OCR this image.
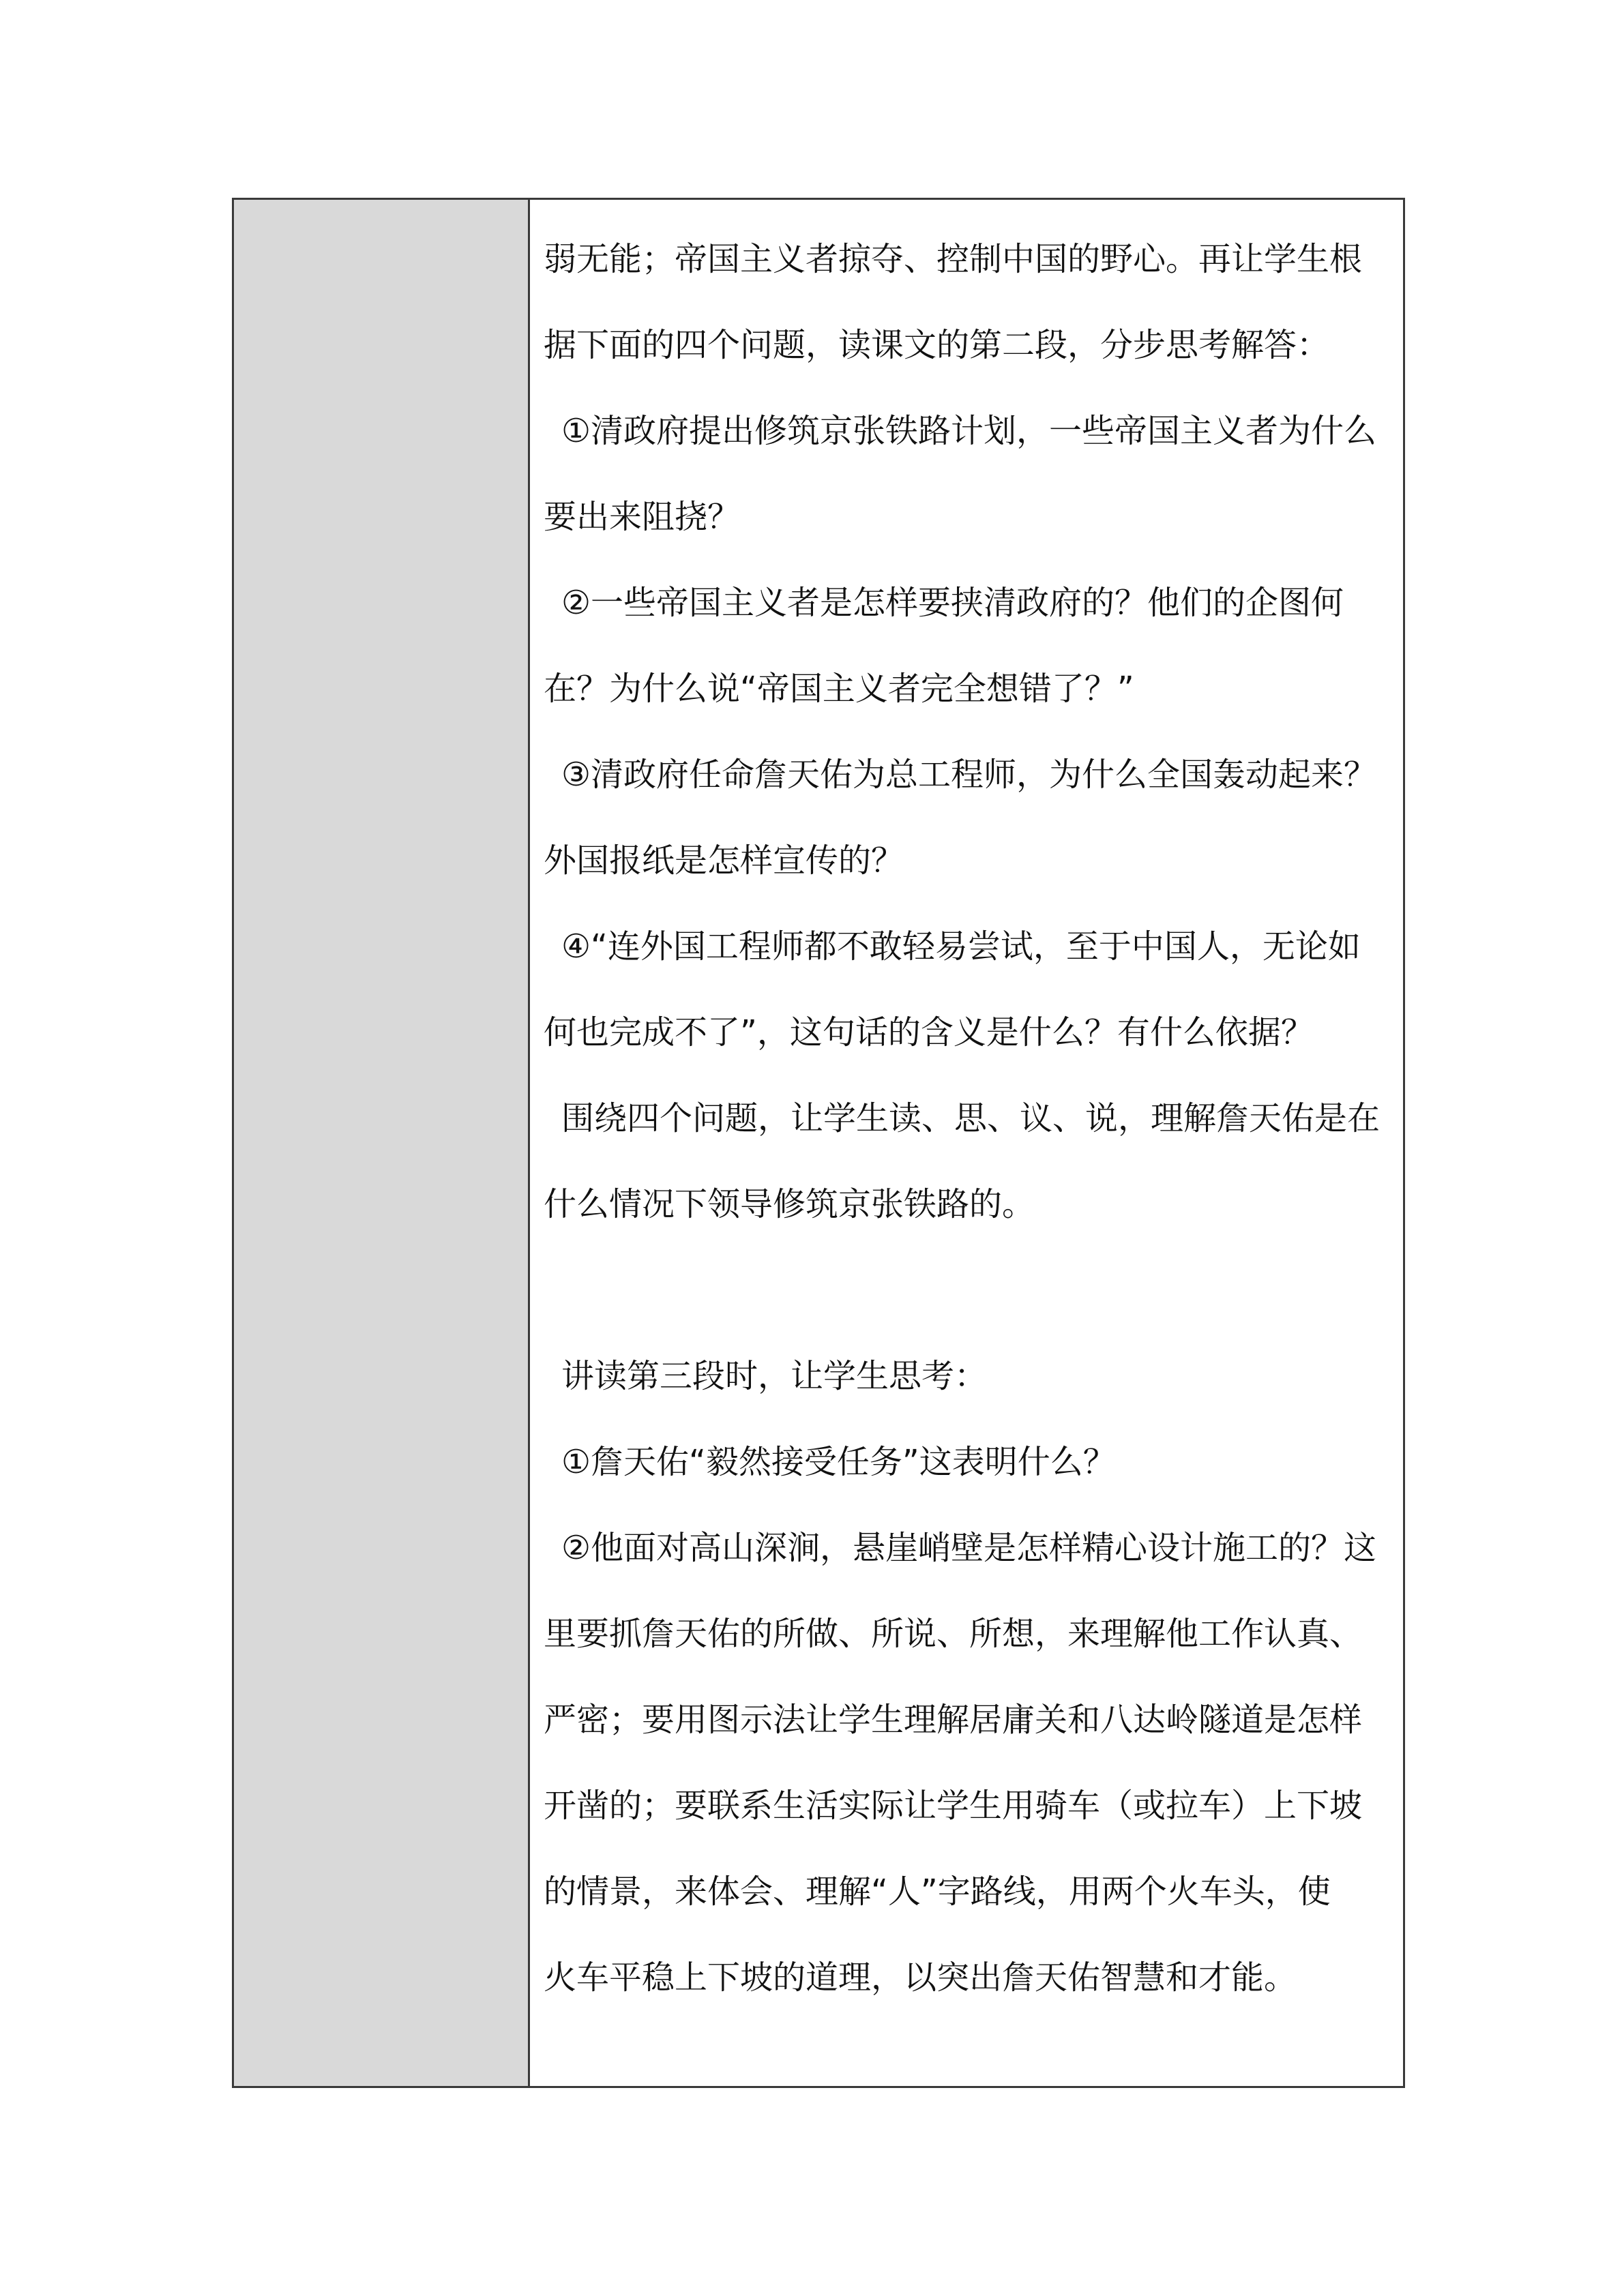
弱无能；帝国主义者掠夺、控制中国的野心。再让学生根
据下面的四个问题，读课文的第二段，分步思考解答：
①清政府提出修筑京张铁路计划，一些帝国主义者为什么
要出来阻挠？
②一些帝国主义者是怎样要挟清政府的？他们的企图何
在？为什么说“帝国主义者完全想错了？”
③清政府任命詹天佑为总工程师，为什么全国轰动起来？
外国报纸是怎样宣传的？
④“连外国工程师都不敢轻易尝试，至于中国人，无论如
何也完成不了”，这句话的含义是什么？有什么依据？
围绕四个问题，让学生读、思、议、说，理解詹天佑是在
什么情况下领导修筑京张铁路的。
讲读第三段时，让学生思考：
①詹天佑“毅然接受任务”这表明什么？
②他面对高山深涧，悬崖峭壁是怎样精心设计施工的？这
里要抓詹天佑的所做、所说、所想，来理解他工作认真、
严密；要用图示法让学生理解居庸关和八达岭隧道是怎样
开凿的；要联系生活实际让学生用骑车（或拉车）上下坡
的情景，来体会、理解“人”字路线，用两个火车头，使
火车平稳上下坡的道理，以突出詹天佑智慧和才能。
